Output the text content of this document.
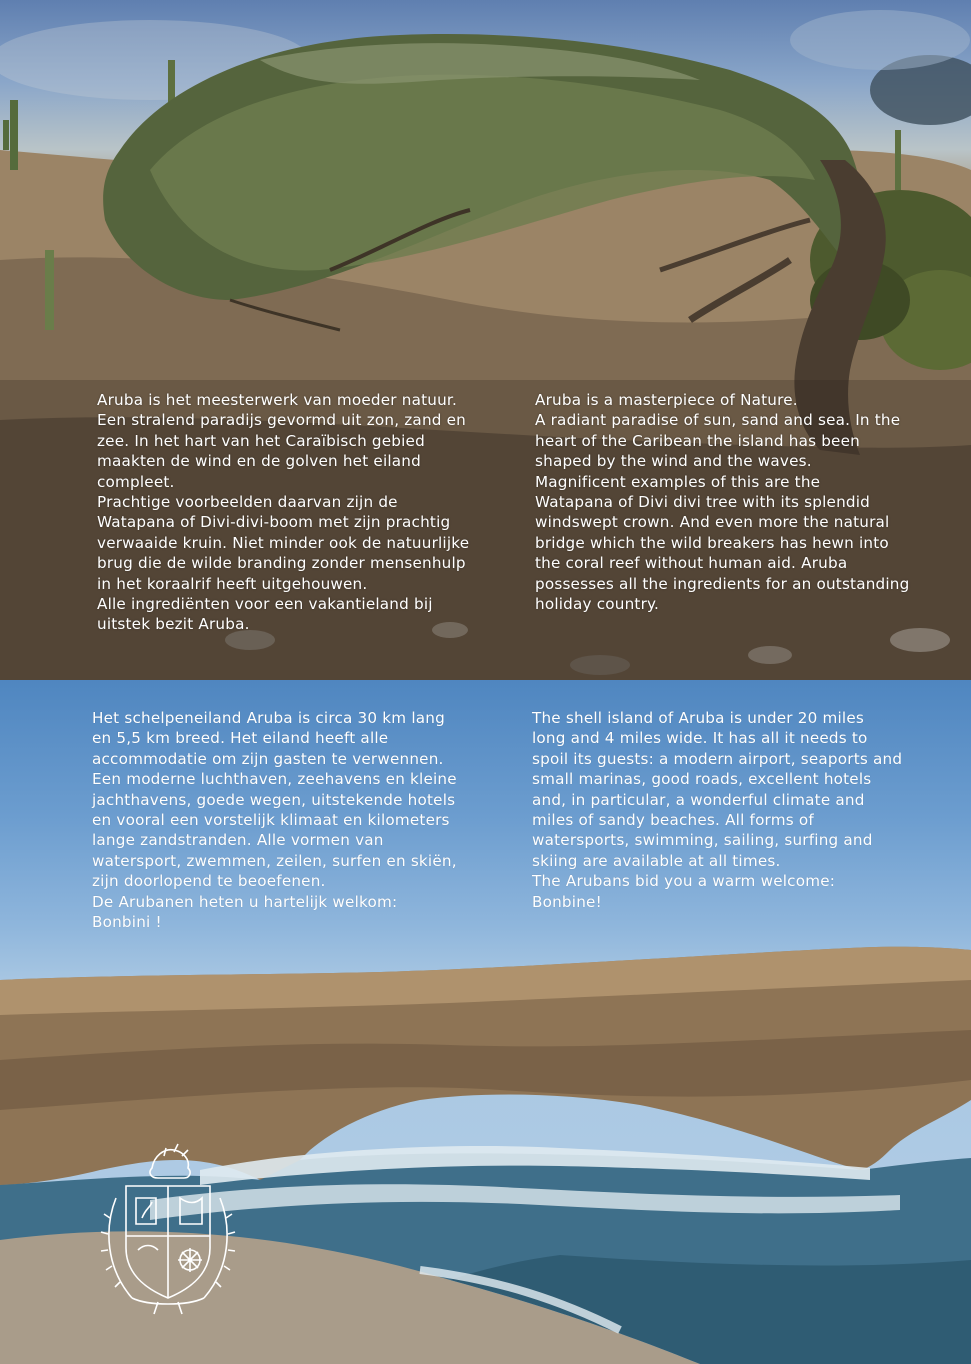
Aruba is het meesterwerk van moeder natuur.
Een stralend paradijs gevormd uit zon, zand en
zee. In het hart van het Caraïbisch gebied
maakten de wind en de golven het eiland
compleet.
Prachtige voorbeelden daarvan zijn de
Watapana of Divi-divi-boom met zijn prachtig
verwaaide kruin. Niet minder ook de natuurlijke
brug die de wilde branding zonder mensenhulp
in het koraalrif heeft uitgehouwen.
Alle ingrediënten voor een vakantieland bij
uitstek bezit Aruba.

Aruba is a masterpiece of Nature.
A radiant paradise of sun, sand and sea. In the
heart of the Caribean the island has been
shaped by the wind and the waves.
Magnificent examples of this are the
Watapana of Divi divi tree with its splendid
windswept crown. And even more the natural
bridge which the wild breakers has hewn into
the coral reef without human aid. Aruba
possesses all the ingredients for an outstanding
holiday country.

Het schelpeneiland Aruba is circa 30 km lang
en 5,5 km breed. Het eiland heeft alle
accommodatie om zijn gasten te verwennen.
Een moderne luchthaven, zeehavens en kleine
jachthavens, goede wegen, uitstekende hotels
en vooral een vorstelijk klimaat en kilometers
lange zandstranden. Alle vormen van
watersport, zwemmen, zeilen, surfen en skiën,
zijn doorlopend te beoefenen.
De Arubanen heten u hartelijk welkom:
Bonbini !

The shell island of Aruba is under 20 miles
long and 4 miles wide. It has all it needs to
spoil its guests: a modern airport, seaports and
small marinas, good roads, excellent hotels
and, in particular, a wonderful climate and
miles of sandy beaches. All forms of
watersports, swimming, sailing, surfing and
skiing are available at all times.
The Arubans bid you a warm welcome:
Bonbine!
